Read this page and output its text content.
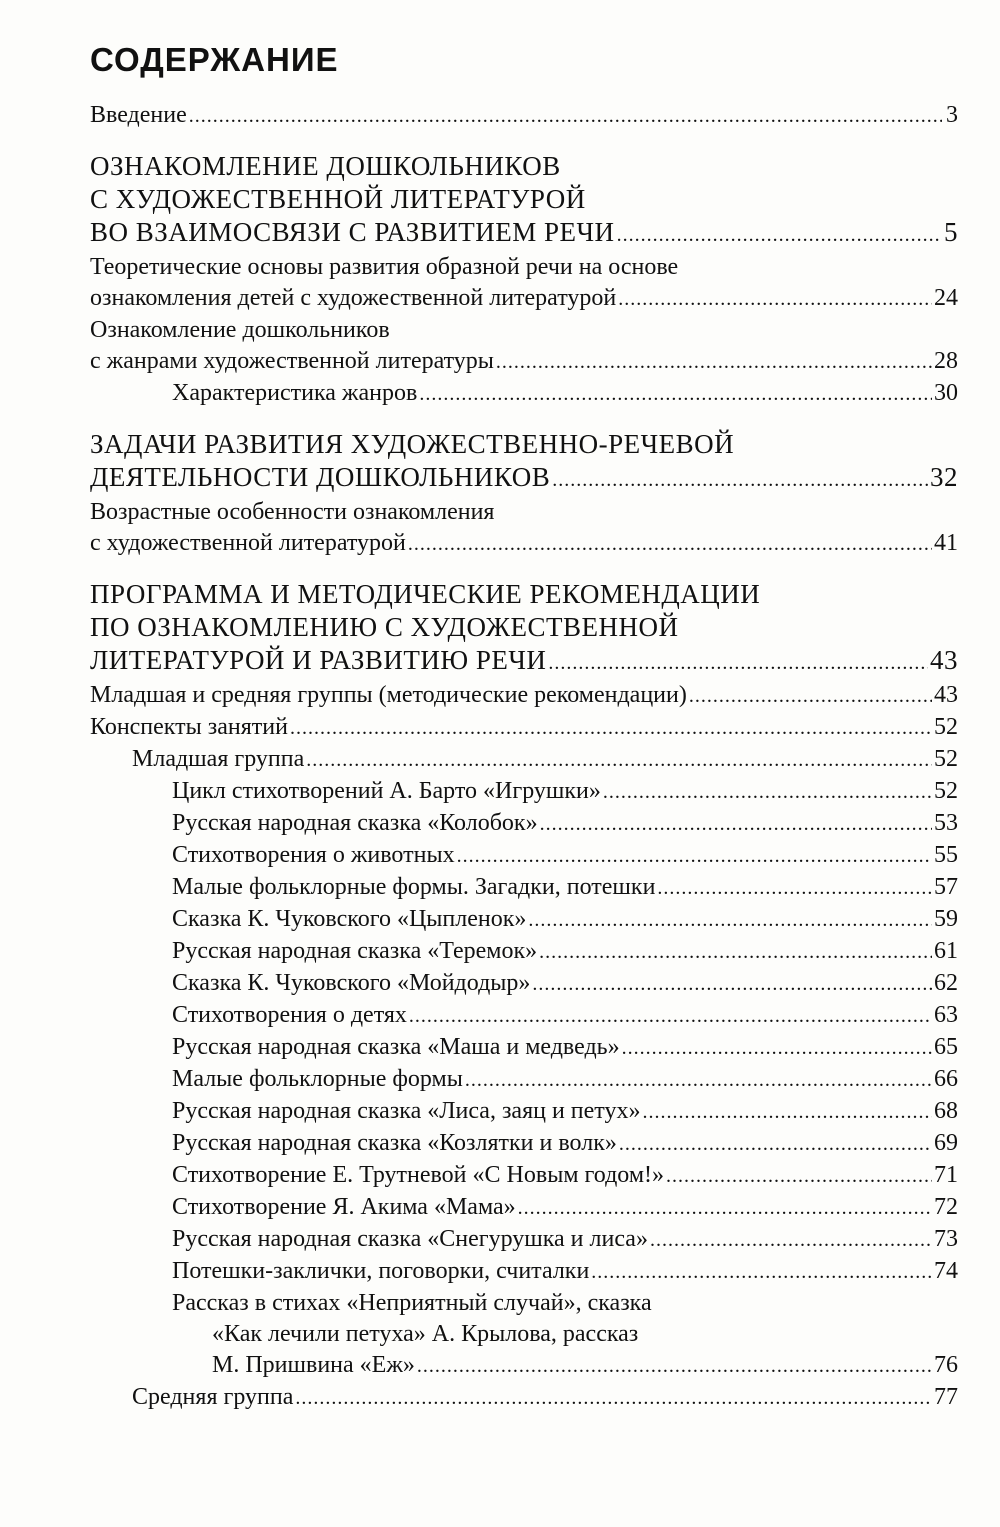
СОДЕРЖАНИЕ
Введение .....	3
ОЗНАКОМЛЕНИЕ ДОШКОЛЬНИКОВ
С ХУДОЖЕСТВЕННОЙ ЛИТЕРАТУРОЙ
ВО ВЗАИМОСВЯЗИ С РАЗВИТИЕМ РЕЧИ .....	5
Теоретические основы развития образной речи на основе
ознакомления детей с художественной литературой .....	24
Ознакомление дошкольников
с жанрами художественной литературы .....	28
Характеристика жанров .....	30
ЗАДАЧИ РАЗВИТИЯ ХУДОЖЕСТВЕННО-РЕЧЕВОЙ
ДЕЯТЕЛЬНОСТИ ДОШКОЛЬНИКОВ .....	32
Возрастные особенности ознакомления
с художественной литературой .....	41
ПРОГРАММА И МЕТОДИЧЕСКИЕ РЕКОМЕНДАЦИИ
ПО ОЗНАКОМЛЕНИЮ С ХУДОЖЕСТВЕННОЙ
ЛИТЕРАТУРОЙ И РАЗВИТИЮ РЕЧИ .....	43
Младшая и средняя группы (методические рекомендации) .....	43
Конспекты занятий .....	52
Младшая группа .....	52
Цикл стихотворений А. Барто «Игрушки» .....	52
Русская народная сказка «Колобок» .....	53
Стихотворения о животных .....	55
Малые фольклорные формы. Загадки, потешки .....	57
Сказка К. Чуковского «Цыпленок» .....	59
Русская народная сказка «Теремок» .....	61
Сказка К. Чуковского «Мойдодыр» .....	62
Стихотворения о детях .....	63
Русская народная сказка «Маша и медведь» .....	65
Малые фольклорные формы .....	66
Русская народная сказка «Лиса, заяц и петух» .....	68
Русская народная сказка «Козлятки и волк» .....	69
Стихотворение Е. Трутневой «С Новым годом!» .....	71
Стихотворение Я. Акима «Мама» .....	72
Русская народная сказка «Снегурушка и лиса» .....	73
Потешки-заклички, поговорки, считалки .....	74
Рассказ в стихах «Неприятный случай», сказка
«Как лечили петуха» А. Крылова, рассказ
М. Пришвина «Еж» .....	76
Средняя группа .....	77
